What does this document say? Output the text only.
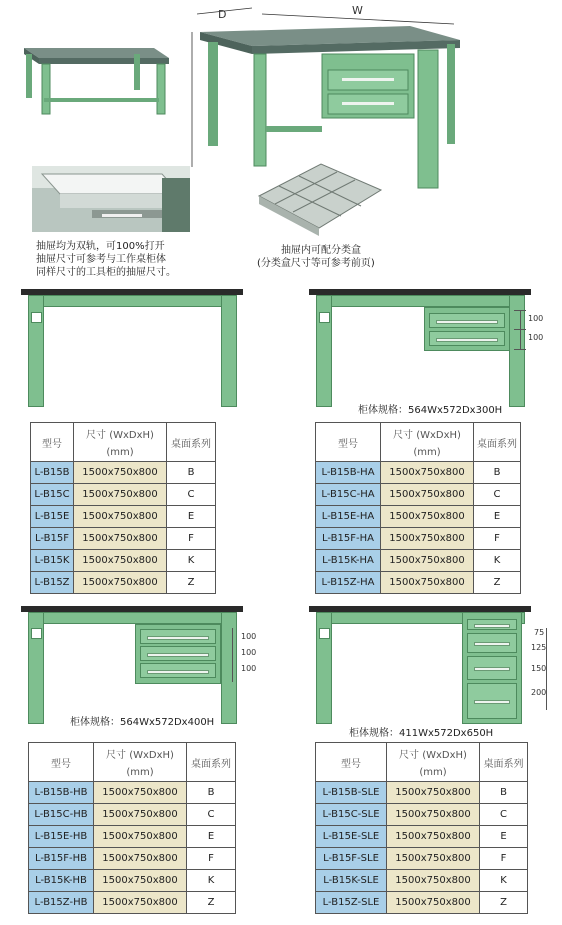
D	W
抽屉均为双轨，可100%打开
抽屉尺寸可参考与工作桌柜体
同样尺寸的工具柜的抽屉尺寸。
抽屉内可配分类盒
(分类盒尺寸等可参考前页)
100
100
柜体规格：564Wx572Dx300H
100
100
100
柜体规格：564Wx572Dx400H
75
125
150
200
柜体规格：411Wx572Dx650H
型号	尺寸 (WxDxH)	桌面系列
	(mm)	
L-B15B	1500x750x800	B
L-B15C	1500x750x800	C
L-B15E	1500x750x800	E
L-B15F	1500x750x800	F
L-B15K	1500x750x800	K
L-B15Z	1500x750x800	Z
型号	尺寸 (WxDxH)	桌面系列
	(mm)	
L-B15B-HA	1500x750x800	B
L-B15C-HA	1500x750x800	C
L-B15E-HA	1500x750x800	E
L-B15F-HA	1500x750x800	F
L-B15K-HA	1500x750x800	K
L-B15Z-HA	1500x750x800	Z
型号	尺寸 (WxDxH)	桌面系列
	(mm)	
L-B15B-HB	1500x750x800	B
L-B15C-HB	1500x750x800	C
L-B15E-HB	1500x750x800	E
L-B15F-HB	1500x750x800	F
L-B15K-HB	1500x750x800	K
L-B15Z-HB	1500x750x800	Z
型号	尺寸 (WxDxH)	桌面系列
	(mm)	
L-B15B-SLE	1500x750x800	B
L-B15C-SLE	1500x750x800	C
L-B15E-SLE	1500x750x800	E
L-B15F-SLE	1500x750x800	F
L-B15K-SLE	1500x750x800	K
L-B15Z-SLE	1500x750x800	Z
